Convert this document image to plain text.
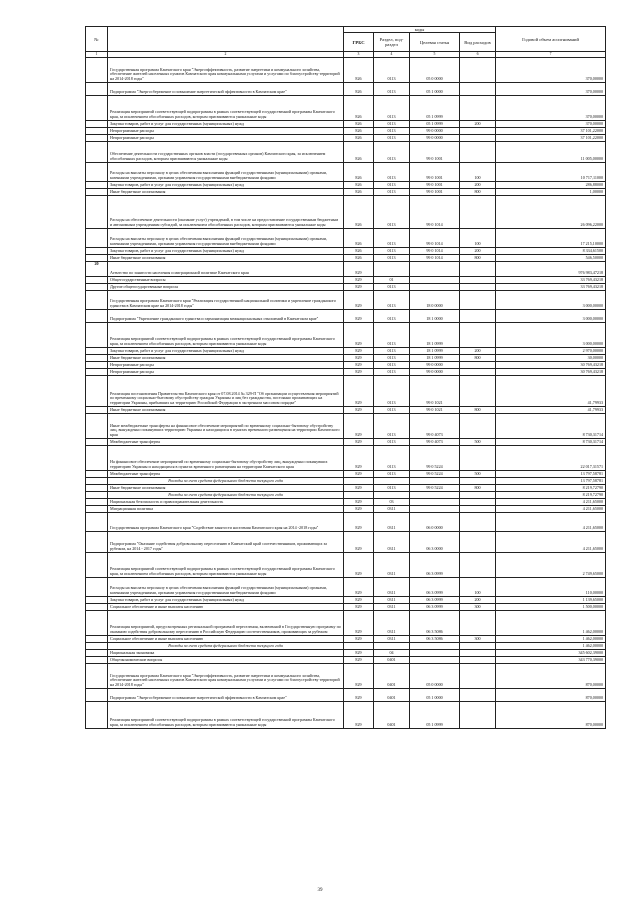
№		коды				Годовой объем ассигнований
		ГРБС	Раздел, под-раздел	Целевая статья	Вид расходов	
1	2	3	4	5	6	7
	Государственная программа Камчатского края "Энергоэффективность, развитие энергетики и коммунального хозяйства, обеспечение жителей населенных пунктов Камчатского края коммунальными услугами и услугами по благоустройству территорий на 2014-2018 годы"	826	0113	05 0 0000		370,00000
	Подпрограмма "Энергосбережение и повышение энергетической эффективности в Камчатском крае"	826	0113	05 1 0000		370,00000
	Реализация мероприятий соответствующей подпрограммы в рамках соответствующей государственной программы Камчатского края, за исключением обособленных расходов, которым присваиваются уникальные коды	826	0113	05 1 0999		370,00000
	Закупка товаров, работ и услуг для государственных (муниципальных) нужд	826	0113	05 1 0999	200	370,00000
	Непрограммные расходы	826	0113	99 0 0000		37 101,22000
	Непрограммные расходы	826	0113	99 0 0000		37 101,22000
	Обеспечение деятельности государственных органов власти (государственных органов) Камчатского края, за исключением обособленных расходов, которым присваиваются уникальные коды	826	0113	99 0 1001		11 005,00000
	Расходы на выплаты персоналу в целях обеспечения выполнения функций государственными (муниципальными) органами, казенными учреждениями, органами управления государственными внебюджетными фондами	826	0113	99 0 1001	100	10 717,11000
	Закупка товаров, работ и услуг для государственных (муниципальных) нужд	826	0113	99 0 1001	200	286,88000
	Иные бюджетные ассигнования	826	0113	99 0 1001	800	1,00000
	Расходы на обеспечение деятельности (оказание услуг) учреждений, в том числе на предоставление государственным бюджетным и автономным учреждениям субсидий, за исключением обособленных расходов, которым присваиваются уникальные коды	826	0113	99 0 1014		26 096,22000
	Расходы на выплаты персоналу в целях обеспечения выполнения функций государственными (муниципальными) органами, казенными учреждениями, органами управления государственными внебюджетными фондами	826	0113	99 0 1014	100	17 215,10000
	Закупка товаров, работ и услуг для государственных (муниципальных) нужд	826	0113	99 0 1014	200	8 334,61500
	Иные бюджетные ассигнования	826	0113	99 0 1014	800	546,50000
20	Агентство по занятости населения и миграционной политике Камчатского края	829				976 983,47218
	Общегосударственные вопросы	829	01			33 769,43218
	Другие общегосударственные вопросы	829	0113			33 769,43218
	Государственная программа Камчатского края "Реализация государственной национальной политики и укрепление гражданского единства в Камчатском крае на 2014-2018 годы"	829	0113	18 0 0000		3 000,00000
	Подпрограмма "Укрепление гражданского единства и гармонизация межнациональных отношений в Камчатском крае"	829	0113	18 1 0000		3 000,00000
	Реализация мероприятий соответствующей подпрограммы в рамках соответствующей государственной программы Камчатского края, за исключением обособленных расходов, которым присваиваются уникальные коды	829	0113	18 1 0999		3 000,00000
	Закупка товаров, работ и услуг для государственных (муниципальных) нужд	829	0113	18 1 0999	200	2 970,00000
	Иные бюджетные ассигнования	829	0113	18 1 0999	800	30,00000
	Непрограммные расходы	829	0113	99 0 0000		30 769,43218
	Непрограммные расходы	829	0113	99 0 0000		30 769,43218
	Реализация постановления Правительства Камчатского края от 07.08.2014 № 329-П "Об организации осуществления мероприятий по временному социально-бытовому обустройству граждан Украины и лиц без гражданства, постоянно проживающих на территории Украины, прибывших на территорию Российской Федерации в экстренном массовом порядке"	829	0113	99 0 1021		41,79933
	Иные бюджетные ассигнования	829	0113	99 0 1021	800	41,79933
	Иные межбюджетные трансферты на финансовое обеспечение мероприятий по временному социально-бытовому обустройству лиц, вынужденно покинувших территорию Украины и находящихся в пунктах временного размещения на территории Камчатского края	829	0113	99 0 4073		8 730,31714
	Межбюджетные трансферты	829	0113	99 0 4073	500	8 730,31714
	На финансовое обеспечение мероприятий по временному социально-бытовому обустройству лиц, вынужденно покинувших территорию Украины и находящихся в пунктах временного размещения на территории Камчатского края	829	0113	99 0 5224		22 017,31571
	Межбюджетные трансферты	829	0113	99 0 5224	500	13 797,58781
	Расходы за счет средств федерального бюджета текущего года					13 797,58781
	Иные бюджетные ассигнования	829	0113	99 0 5224	800	8 219,72790
	Расходы за счет средств федерального бюджета текущего года					8 219,72790
	Национальная безопасность и правоохранительная деятельность	829	03			4 211,65000
	Миграционная политика	829	0311			4 211,65000
	Государственная программа Камчатского края "Содействие занятости населения Камчатского края на 2014 -2018 годы"	829	0311	06 0 0000		4 211,65000
	Подпрограмма "Оказание содействия добровольному переселению в Камчатский край соотечественников, проживающих за рубежом, на 2014 - 2017 годы"	829	0311	06 3 0000		4 211,65000
	Реализация мероприятий соответствующей подпрограммы в рамках соответствующей государственной программы Камчатского края, за исключением обособленных расходов, которым присваиваются уникальные коды	829	0311	06 3 0999		2 749,65000
	Расходы на выплаты персоналу в целях обеспечения выполнения функций государственными (муниципальными) органами, казенными учреждениями, органами управления государственными внебюджетными фондами	829	0311	06 3 0999	100	110,00000
	Закупка товаров, работ и услуг для государственных (муниципальных) нужд	829	0311	06 3 0999	200	1 139,65000
	Социальное обеспечение и иные выплаты населению	829	0311	06 3 0999	300	1 500,00000
	Реализация мероприятий, предусмотренных региональной программой переселения, включенной в Государственную программу по оказанию содействия добровольному переселению в Российскую Федерацию соотечественников, проживающих за рубежом	829	0311	06 3 5086		1 462,00000
	Социальное обеспечение и иные выплаты населению	829	0311	06 3 5086	300	1 462,00000
	Расходы за счет средств федерального бюджета текущего года					1 462,00000
	Национальная экономика	829	04			345 602,39000
	Общеэкономические вопросы	829	0401			343 770,39000
	Государственная программа Камчатского края "Энергоэффективность, развитие энергетики и коммунального хозяйства, обеспечение жителей населенных пунктов Камчатского края коммунальными услугами и услугами по благоустройству территорий на 2014-2018 годы"	829	0401	05 0 0000		870,00000
	Подпрограмма "Энергосбережение и повышение энергетической эффективности в Камчатском крае"	829	0401	05 1 0000		870,00000
	Реализация мероприятий соответствующей подпрограммы в рамках соответствующей государственной программы Камчатского края, за исключением обособленных расходов, которым присваиваются уникальные коды	829	0401	05 1 0999		870,00000
39
